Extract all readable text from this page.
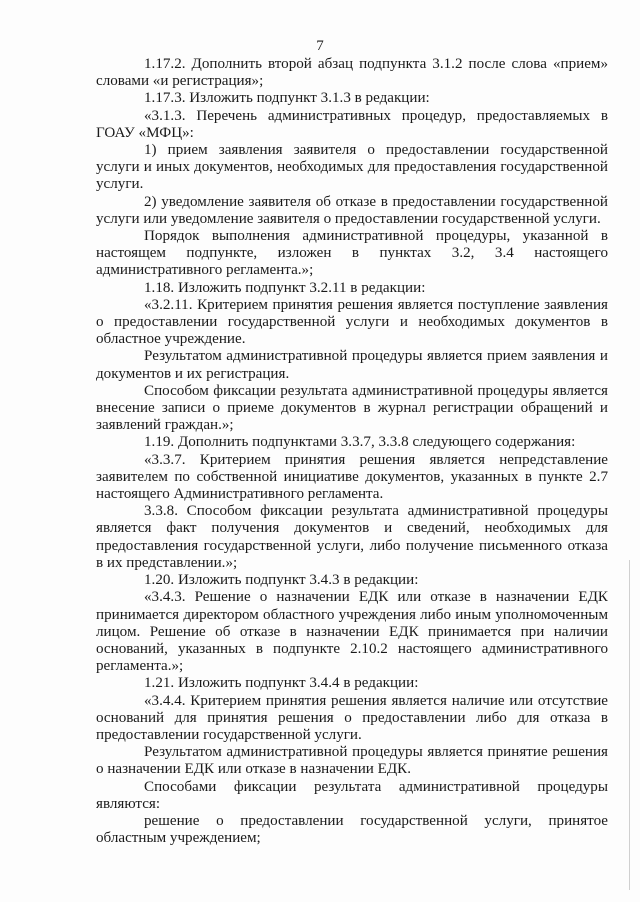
7

1.17.2. Дополнить второй абзац подпункта 3.1.2 после слова «прием» словами «и регистрация»;

1.17.3. Изложить подпункт 3.1.3 в редакции:

«3.1.3. Перечень административных процедур, предоставляемых в ГОАУ «МФЦ»:

1) прием заявления заявителя о предоставлении государственной услуги и иных документов, необходимых для предоставления государственной услуги.

2) уведомление заявителя об отказе в предоставлении государственной услуги или уведомление заявителя о предоставлении государственной услуги.

Порядок выполнения административной процедуры, указанной в настоящем подпункте, изложен в пунктах 3.2, 3.4 настоящего административного регламента.»;

1.18. Изложить подпункт 3.2.11 в редакции:

«3.2.11. Критерием принятия решения является поступление заявления о предоставлении государственной услуги и необходимых документов в областное учреждение.

Результатом административной процедуры является прием заявления и документов и их регистрация.

Способом фиксации результата административной процедуры является внесение записи о приеме документов в журнал регистрации обращений и заявлений граждан.»;

1.19. Дополнить подпунктами 3.3.7, 3.3.8 следующего содержания:

«3.3.7. Критерием принятия решения является непредставление заявителем по собственной инициативе документов, указанных в пункте 2.7 настоящего Административного регламента.

3.3.8. Способом фиксации результата административной процедуры является факт получения документов и сведений, необходимых для предоставления государственной услуги, либо получение письменного отказа в их представлении.»;

1.20. Изложить подпункт 3.4.3 в редакции:

«3.4.3. Решение о назначении ЕДК или отказе в назначении ЕДК принимается директором областного учреждения либо иным уполномоченным лицом. Решение об отказе в назначении ЕДК принимается при наличии оснований, указанных в подпункте 2.10.2 настоящего административного регламента.»;

1.21. Изложить подпункт 3.4.4 в редакции:

«3.4.4. Критерием принятия решения является наличие или отсутствие оснований для принятия решения о предоставлении либо для отказа в предоставлении государственной услуги.

Результатом административной процедуры является принятие решения о назначении ЕДК или отказе в назначении ЕДК.

Способами фиксации результата административной процедуры являются:

решение о предоставлении государственной услуги, принятое областным учреждением;
